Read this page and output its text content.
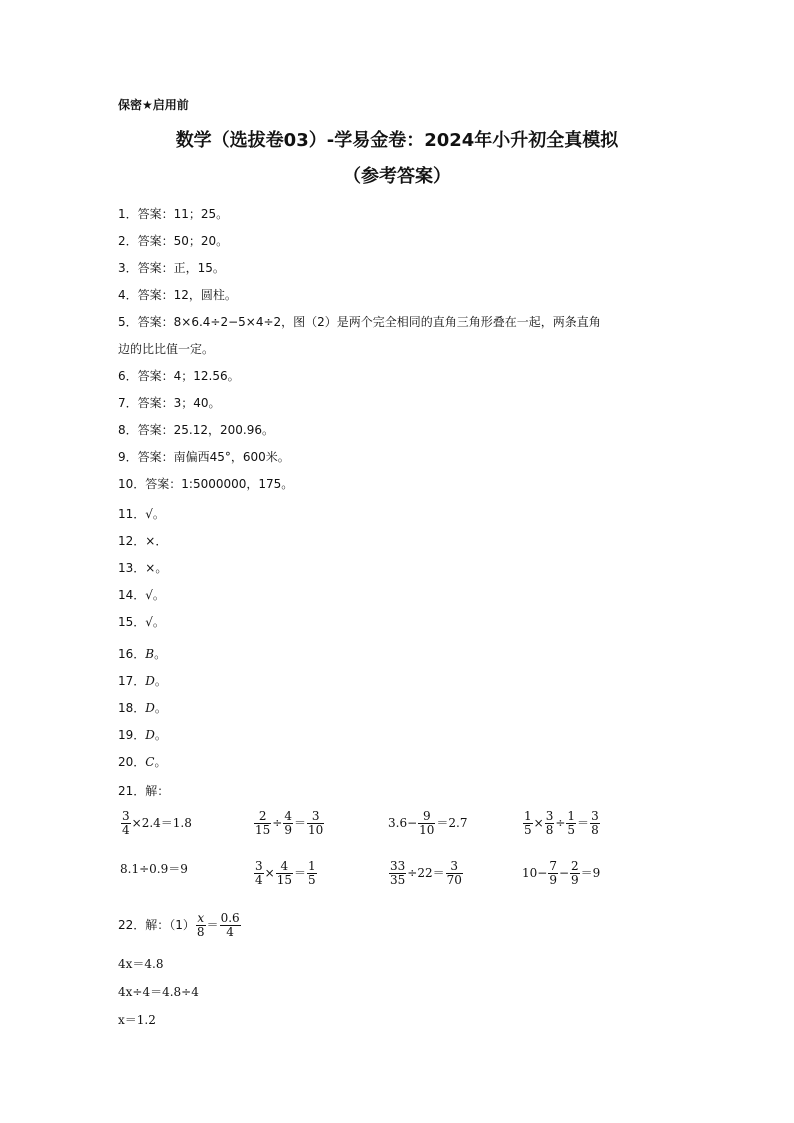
保密★启用前
数学（选拔卷03）-学易金卷：2024年小升初全真模拟
（参考答案）
1．答案：11；25。
2．答案：50；20。
3．答案：正，15。
4．答案：12，圆柱。
5．答案：8×6.4÷2−5×4÷2，图（2）是两个完全相同的直角三角形叠在一起，两条直角
边的比比值一定。
6．答案：4；12.56。
7．答案：3；40。
8．答案：25.12，200.96。
9．答案：南偏西45°，600米。
10．答案：1:5000000，175。
11．√。
12．×．
13．×。
14．√。
15．√。
16．B。
17．D。
18．D。
19．D。
20．C。
21．解：
$\frac{3}{4} \times 2.4=1.8$	$\frac{2}{15} \div \frac{4}{9} = \frac{3}{10}$	$3.6- \frac{9}{10} =2.7$	$\frac{1}{5} \times \frac{3}{8} \div \frac{1}{5} = \frac{3}{8}$
8.1÷0.9＝9	$\frac{3}{4} \times \frac{4}{15} = \frac{1}{5}$	$\frac{33}{35} \div 22= \frac{3}{70}$	$10- \frac{7}{9} - \frac{2}{9} =9$
22．解：$(1) \frac{x}{8} = \frac{0.6}{4}$
4x＝4.8
4x÷4＝4.8÷4
x＝1.2
